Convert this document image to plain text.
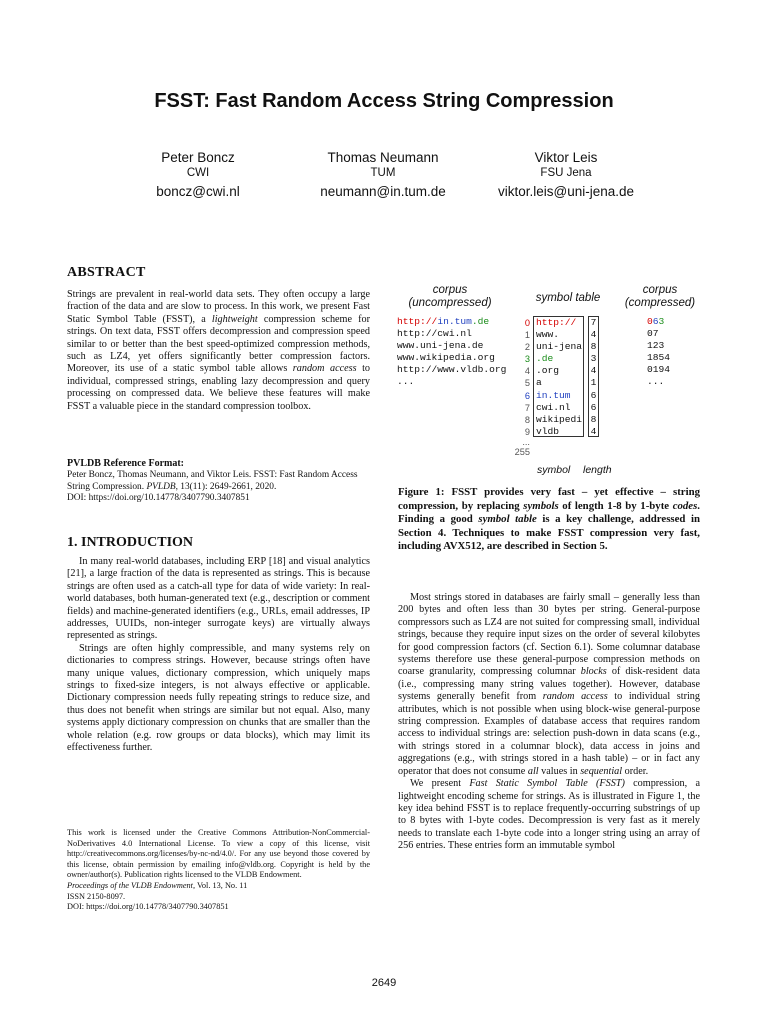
FSST: Fast Random Access String Compression
Peter Boncz
CWI
boncz@cwi.nl
Thomas Neumann
TUM
neumann@in.tum.de
Viktor Leis
FSU Jena
viktor.leis@uni-jena.de
ABSTRACT
Strings are prevalent in real-world data sets. They often occupy a large fraction of the data and are slow to process. In this work, we present Fast Static Symbol Table (FSST), a lightweight compression scheme for strings. On text data, FSST offers decompression and compression speed similar to or better than the best speed-optimized compression methods, such as LZ4, yet offers significantly better compression factors. Moreover, its use of a static symbol table allows random access to individual, compressed strings, enabling lazy decompression and query processing on compressed data. We believe these features will make FSST a valuable piece in the standard compression toolbox.
PVLDB Reference Format:
Peter Boncz, Thomas Neumann, and Viktor Leis. FSST: Fast Random Access String Compression. PVLDB, 13(11): 2649-2661, 2020.
DOI: https://doi.org/10.14778/3407790.3407851
1. INTRODUCTION

In many real-world databases, including ERP [18] and visual analytics [21], a large fraction of the data is represented as strings. This is because strings are often used as a catch-all type for data of wide variety: In real-world databases, both human-generated text (e.g., description or comment fields) and machine-generated identifiers (e.g., URLs, email addresses, IP addresses, UUIDs, non-integer surrogate keys) are virtually always represented as strings.

Strings are often highly compressible, and many systems rely on dictionaries to compress strings. However, because strings often have many unique values, dictionary compression, which uniquely maps strings to fixed-size integers, is not always effective or applicable. Dictionary compression needs fully repeating strings to reduce size, and thus does not benefit when strings are similar but not equal. Also, many systems apply dictionary compression on chunks that are smaller than the whole relation (e.g. row groups or data blocks), which may limit its effectiveness further.

This work is licensed under the Creative Commons Attribution-NonCommercial-NoDerivatives 4.0 International License. To view a copy of this license, visit http://creativecommons.org/licenses/by-nc-nd/4.0/. For any use beyond those covered by this license, obtain permission by emailing info@vldb.org. Copyright is held by the owner/author(s). Publication rights licensed to the VLDB Endowment.
Proceedings of the VLDB Endowment, Vol. 13, No. 11
ISSN 2150-8097.
DOI: https://doi.org/10.14778/3407790.3407851
corpus
(uncompressed)	symbol table
corpus
(compressed)
http://in.tum.de
http://cwi.nl
www.uni-jena.de
www.wikipedia.org
http://www.vldb.org
...
0
1
2
3
4
5
6
7
8
9
...
255
http://
www.
uni-jena
.de
.org
a
in.tum
cwi.nl
wikipedi
vldb
7
4
8
3
4
1
6
6
8
4
063
07
123
1854
0194
...
symbol length
Figure 1: FSST provides very fast – yet effective – string compression, by replacing symbols of length 1-8 by 1-byte codes. Finding a good symbol table is a key challenge, addressed in Section 4. Techniques to make FSST compression very fast, including AVX512, are described in Section 5.

Most strings stored in databases are fairly small – generally less than 200 bytes and often less than 30 bytes per string. General-purpose compressors such as LZ4 are not suited for compressing small, individual strings, because they require input sizes on the order of several kilobytes for good compression factors (cf. Section 6.1). Some columnar database systems therefore use these general-purpose compression methods on coarse granularity, compressing columnar blocks of disk-resident data (i.e., compressing many string values together). However, database systems generally benefit from random access to individual string attributes, which is not possible when using block-wise general-purpose string compression. Examples of database access that requires random access to individual strings are: selection push-down in data scans (e.g., with strings stored in a columnar block), data access in joins and aggregations (e.g., with strings stored in a hash table) – or in fact any operator that does not consume all values in sequential order.

We present Fast Static Symbol Table (FSST) compression, a lightweight encoding scheme for strings. As is illustrated in Figure 1, the key idea behind FSST is to replace frequently-occurring substrings of up to 8 bytes with 1-byte codes. Decompression is very fast as it merely needs to translate each 1-byte code into a longer string using an array of 256 entries. These entries form an immutable symbol

2649
